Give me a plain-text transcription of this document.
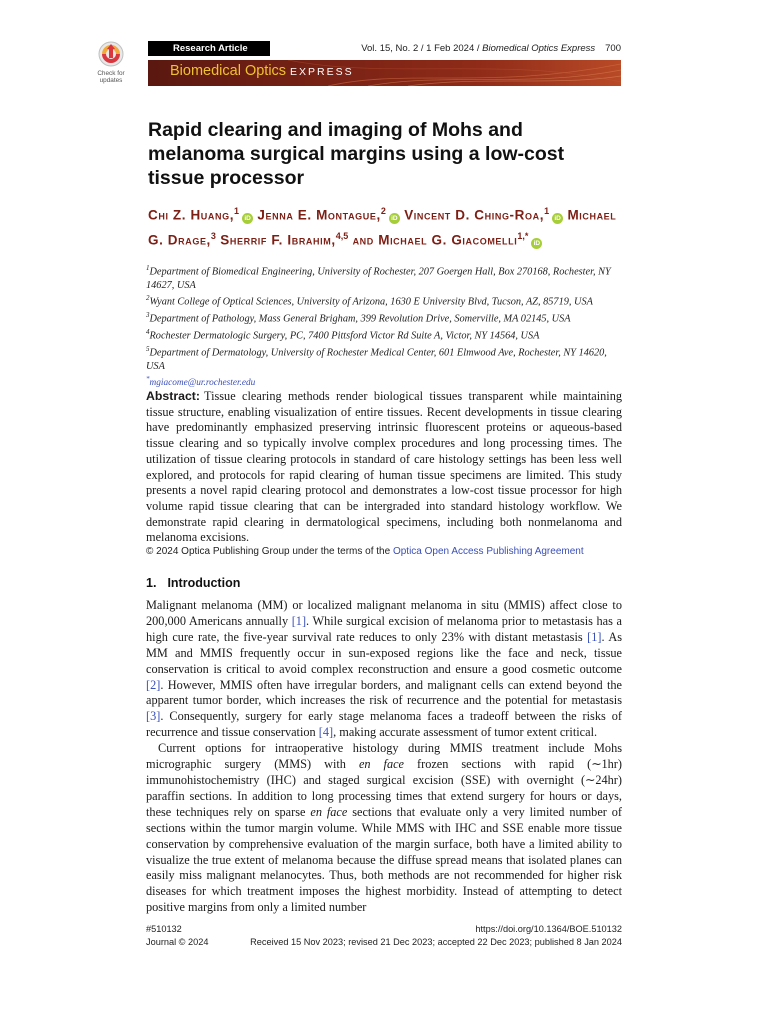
Check for
updates
Research Article	Vol. 15, No. 2 / 1 Feb 2024 / Biomedical Optics Express 700
Biomedical Optics EXPRESS
Rapid clearing and imaging of Mohs and melanoma surgical margins using a low-cost tissue processor
Chi Z. Huang,$^1$iD Jenna E. Montague,$^2$iD Vincent D. Ching-Roa,$^1$iD Michael G. Drage,$^3$ Sherrif F. Ibrahim,$^{4,5}$ and Michael G. Giacomelli$^{1,*}$iD
$^1$Department of Biomedical Engineering, University of Rochester, 207 Goergen Hall, Box 270168, Rochester, NY 14627, USA
$^2$Wyant College of Optical Sciences, University of Arizona, 1630 E University Blvd, Tucson, AZ, 85719, USA
$^3$Department of Pathology, Mass General Brigham, 399 Revolution Drive, Somerville, MA 02145, USA
$^4$Rochester Dermatologic Surgery, PC, 7400 Pittsford Victor Rd Suite A, Victor, NY 14564, USA
$^5$Department of Dermatology, University of Rochester Medical Center, 601 Elmwood Ave, Rochester, NY 14620, USA
*mgiacome@ur.rochester.edu
Abstract: Tissue clearing methods render biological tissues transparent while maintaining tissue structure, enabling visualization of entire tissues. Recent developments in tissue clearing have predominantly emphasized preserving intrinsic fluorescent proteins or aqueous-based tissue clearing and so typically involve complex procedures and long processing times. The utilization of tissue clearing protocols in standard of care histology settings has been less well explored, and protocols for rapid clearing of human tissue specimens are limited. This study presents a novel rapid clearing protocol and demonstrates a low-cost tissue processor for high volume rapid tissue clearing that can be intergraded into standard histology workflow. We demonstrate rapid clearing in dermatological specimens, including both nonmelanoma and melanoma excisions.
© 2024 Optica Publishing Group under the terms of the Optica Open Access Publishing Agreement
1. Introduction

Malignant melanoma (MM) or localized malignant melanoma in situ (MMIS) affect close to 200,000 Americans annually [1]. While surgical excision of melanoma prior to metastasis has a high cure rate, the five-year survival rate reduces to only 23% with distant metastasis [1]. As MM and MMIS frequently occur in sun-exposed regions like the face and neck, tissue conservation is critical to avoid complex reconstruction and ensure a good cosmetic outcome [2]. However, MMIS often have irregular borders, and malignant cells can extend beyond the apparent tumor border, which increases the risk of recurrence and the potential for metastasis [3]. Consequently, surgery for early stage melanoma faces a tradeoff between the risks of recurrence and tissue conservation [4], making accurate assessment of tumor extent critical.

Current options for intraoperative histology during MMIS treatment include Mohs micrographic surgery (MMS) with en face frozen sections with rapid (∼1hr) immunohistochemistry (IHC) and staged surgical excision (SSE) with overnight (∼24hr) paraffin sections. In addition to long processing times that extend surgery for hours or days, these techniques rely on sparse en face sections that evaluate only a very limited number of sections within the tumor margin volume. While MMS with IHC and SSE enable more tissue conservation by comprehensive evaluation of the margin surface, both have a limited ability to visualize the true extent of melanoma because the diffuse spread means that isolated planes can easily miss malignant melanocytes. Thus, both methods are not recommended for higher risk diseases for which treatment imposes the highest morbidity. Instead of attempting to detect positive margins from only a limited number

#510132	https://doi.org/10.1364/BOE.510132
Journal © 2024	Received 15 Nov 2023; revised 21 Dec 2023; accepted 22 Dec 2023; published 8 Jan 2024
